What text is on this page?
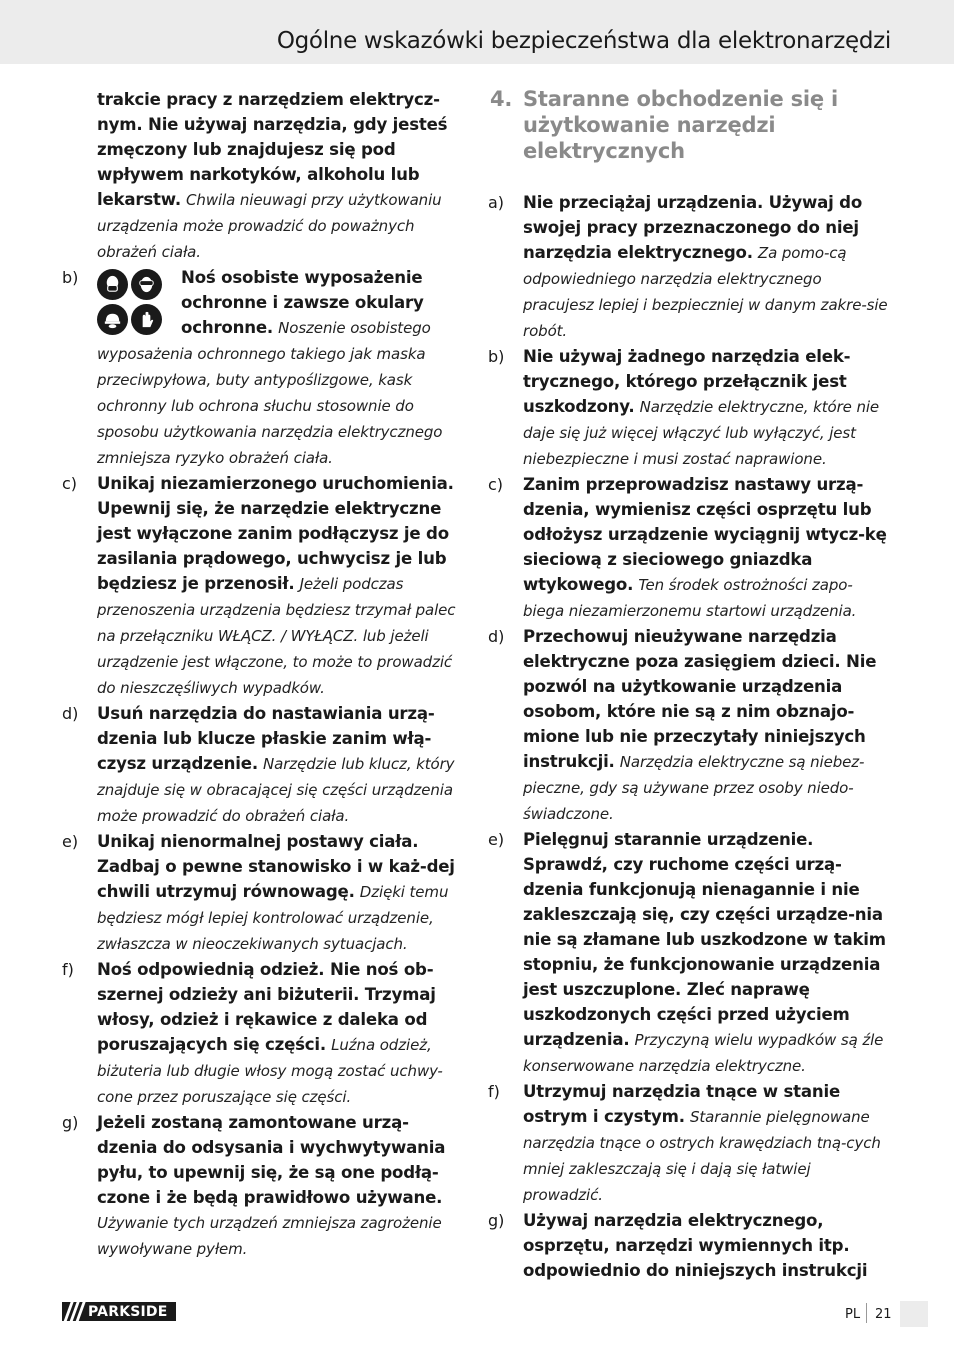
Ogólne wskazówki bezpieczeństwa dla elektronarzędzi

trakcie pracy z narzędziem elektrycz-nym. Nie używaj narzędzia, gdy jesteś zmęczony lub znajdujesz się pod wpływem narkotyków, alkoholu lub lekarstw. Chwila nieuwagi przy użytkowaniu urządzenia może prowadzić do poważnych obrażeń ciała.

b)	Noś osobiste wyposażenie ochronne i zawsze okulary ochronne. Noszenie osobistego wyposażenia ochronnego takiego jak maska przeciwpyłowa, buty antypoślizgowe, kask ochronny lub ochrona słuchu stosownie do sposobu użytkowania narzędzia elektrycznego zmniejsza ryzyko obrażeń ciała.
c) Unikaj niezamierzonego uruchomienia. Upewnij się, że narzędzie elektryczne jest wyłączone zanim podłączysz je do zasilania prądowego, uchwycisz je lub będziesz je przenosił. Jeżeli podczas przenoszenia urządzenia będziesz trzymał palec na przełączniku WŁĄCZ. / WYŁĄCZ. lub jeżeli urządzenie jest włączone, to może to prowadzić do nieszczęśliwych wypadków.
d) Usuń narzędzia do nastawiania urzą-dzenia lub klucze płaskie zanim włą-czysz urządzenie. Narzędzie lub klucz, który znajduje się w obracającej się części urządzenia może prowadzić do obrażeń ciała.
e) Unikaj nienormalnej postawy ciała. Zadbaj o pewne stanowisko i w każ-dej chwili utrzymuj równowagę. Dzięki temu będziesz mógł lepiej kontrolować urządzenie, zwłaszcza w nieoczekiwanych sytuacjach.
f) Noś odpowiednią odzież. Nie noś ob-szernej odzieży ani biżuterii. Trzymaj włosy, odzież i rękawice z daleka od poruszających się części. Luźna odzież, biżuteria lub długie włosy mogą zostać uchwy-cone przez poruszające się części.
g) Jeżeli zostaną zamontowane urzą-dzenia do odsysania i wychwytywania pyłu, to upewnij się, że są one podłą-czone i że będą prawidłowo używane. Używanie tych urządzeń zmniejsza zagrożenie wywoływane pyłem.
4. Staranne obchodzenie się i użytkowanie narzędzi elektrycznych
a) Nie przeciążaj urządzenia. Używaj do swojej pracy przeznaczonego do niej narzędzia elektrycznego. Za pomo-cą odpowiedniego narzędzia elektrycznego pracujesz lepiej i bezpieczniej w danym zakre-sie robót.
b) Nie używaj żadnego narzędzia elek-trycznego, którego przełącznik jest uszkodzony. Narzędzie elektryczne, które nie daje się już więcej włączyć lub wyłączyć, jest niebezpieczne i musi zostać naprawione.
c) Zanim przeprowadzisz nastawy urzą-dzenia, wymienisz części osprzętu lub odłożysz urządzenie wyciągnij wtycz-kę sieciową z sieciowego gniazdka wtykowego. Ten środek ostrożności zapo-biega niezamierzonemu startowi urządzenia.
d) Przechowuj nieużywane narzędzia elektryczne poza zasięgiem dzieci. Nie pozwól na użytkowanie urządzenia osobom, które nie są z nim obznajo-mione lub nie przeczytały niniejszych instrukcji. Narzędzia elektryczne są niebez-pieczne, gdy są używane przez osoby niedo-świadczone.
e) Pielęgnuj starannie urządzenie. Sprawdź, czy ruchome części urzą-dzenia funkcjonują nienagannie i nie zakleszczają się, czy części urządze-nia nie są złamane lub uszkodzone w takim stopniu, że funkcjonowanie urządzenia jest uszczuplone. Zleć naprawę uszkodzonych części przed użyciem urządzenia. Przyczyną wielu wypadków są źle konserwowane narzędzia elektryczne.
f) Utrzymuj narzędzia tnące w stanie ostrym i czystym. Starannie pielęgnowane narzędzia tnące o ostrych krawędziach tną-cych mniej zakleszczają się i dają się łatwiej prowadzić.
g) Używaj narzędzia elektrycznego, osprzętu, narzędzi wymiennych itp. odpowiednio do niniejszych instrukcji
PARKSIDE	PL 21
